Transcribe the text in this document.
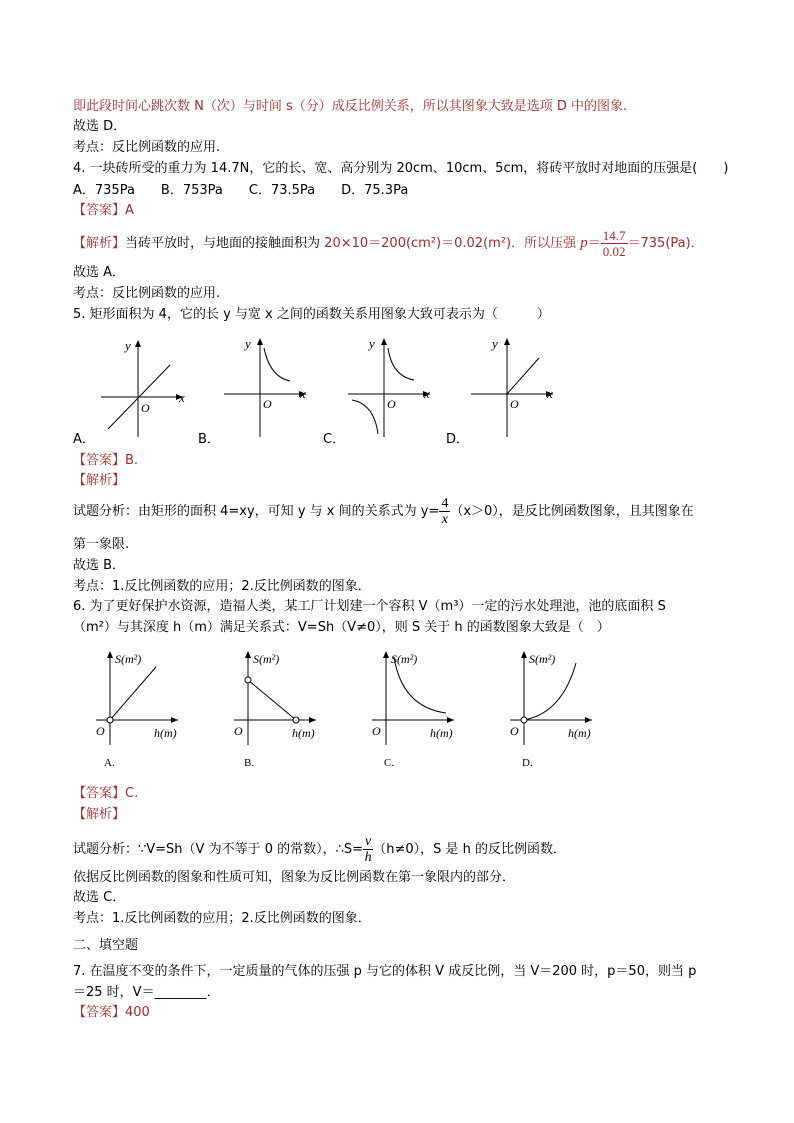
即此段时间心跳次数 N（次）与时间 s（分）成反比例关系，所以其图象大致是选项 D 中的图象.
故选 D．
考点：反比例函数的应用.
4. 一块砖所受的重力为 14.7N，它的长、宽、高分别为 20cm、10cm、5cm，将砖平放时对地面的压强是(　　)
A．735Pa　　B．753Pa　　C．73.5Pa　　D．75.3Pa
【答案】A
【解析】当砖平放时，与地面的接触面积为 20×10＝200(cm²)＝0.02(m²)．所以压强 $p= \frac{14.7}{0.02} =735(Pa)$．
故选 A．
考点：反比例函数的应用.
5. 矩形面积为 4，它的长 y 与宽 x 之间的函数关系用图象大致可表示为（　　　）
y
x
O
y
x
O
y
x
O
y
x
O
A．	B．	C．	D．
【答案】B.
【解析】
试题分析：由矩形的面积 4=xy，可知 y 与 x 间的关系式为 $y= \frac{4}{x} (x>0)$，是反比例函数图象，且其图象在
第一象限.
故选 B．
考点：1.反比例函数的应用；2.反比例函数的图象．
6. 为了更好保护水资源，造福人类，某工厂计划建一个容积 V（m³）一定的污水处理池，池的底面积 S
（m²）与其深度 h（m）满足关系式：V=Sh（V≠0），则 S 关于 h 的函数图象大致是（　）
S(m²)
h(m)
O
S(m²)
h(m)
O
S(m²)
h(m)
O
S(m²)
h(m)
O
A.	B.	C.	D.
【答案】C.
【解析】
试题分析：∵V=Sh（V 为不等于 0 的常数），∴S= $\frac{v}{h} (h\ne 0)$，S 是 h 的反比例函数．
依据反比例函数的图象和性质可知，图象为反比例函数在第一象限内的部分．
故选 C．
考点：1.反比例函数的应用；2.反比例函数的图象．
二、填空题
7. 在温度不变的条件下，一定质量的气体的压强 p 与它的体积 V 成反比例，当 V＝200 时，p＝50，则当 p
＝25 时，V＝________．
【答案】400
